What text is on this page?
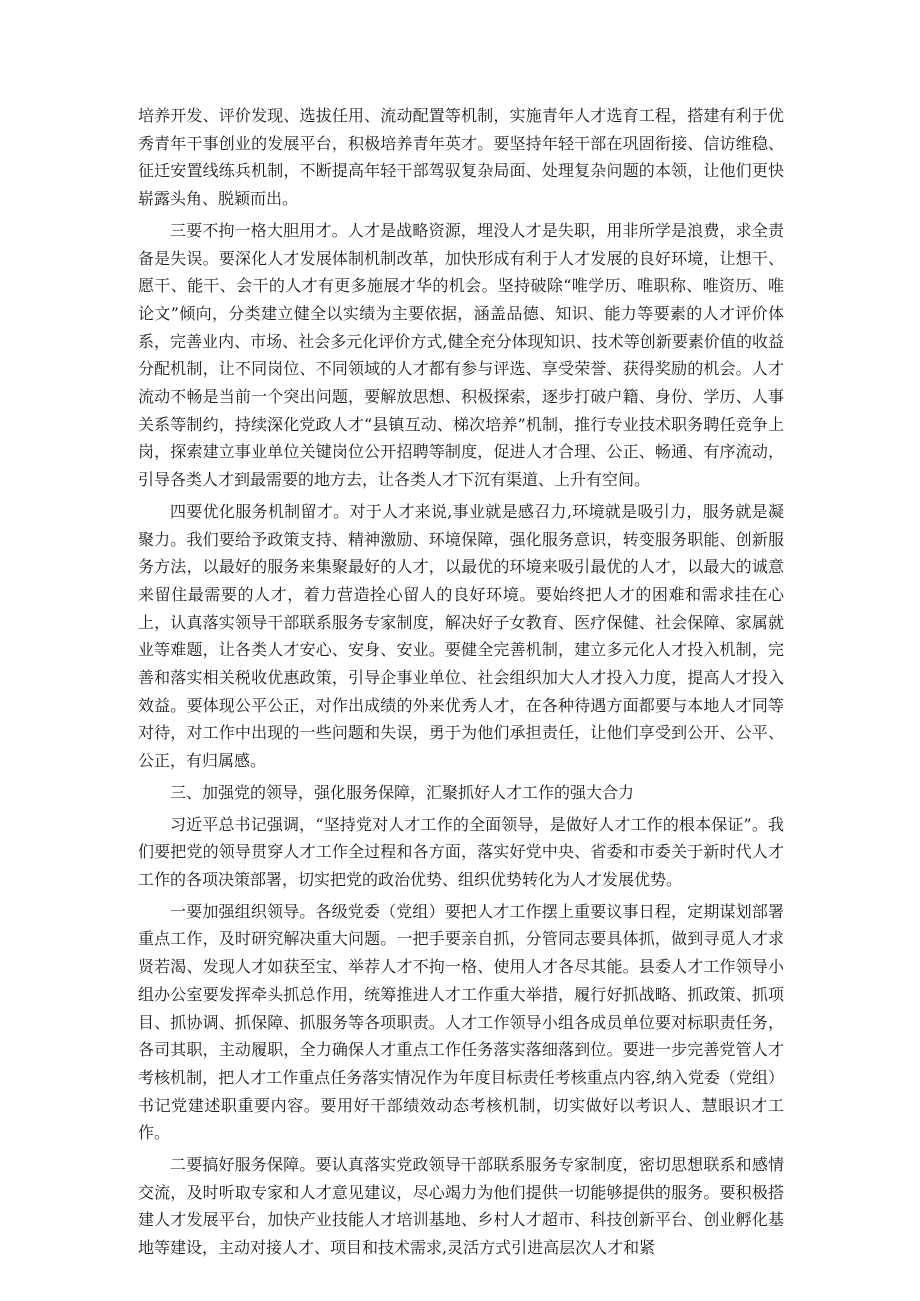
培养开发、评价发现、选拔任用、流动配置等机制，实施青年人才选育工程，搭建有利于优秀青年干事创业的发展平台，积极培养青年英才。要坚持年轻干部在巩固衔接、信访维稳、征迁安置线练兵机制，不断提高年轻干部驾驭复杂局面、处理复杂问题的本领，让他们更快崭露头角、脱颖而出。

三要不拘一格大胆用才。人才是战略资源，埋没人才是失职，用非所学是浪费，求全责备是失误。要深化人才发展体制机制改革，加快形成有利于人才发展的良好环境，让想干、愿干、能干、会干的人才有更多施展才华的机会。坚持破除“唯学历、唯职称、唯资历、唯论文”倾向，分类建立健全以实绩为主要依据，涵盖品德、知识、能力等要素的人才评价体系，完善业内、市场、社会多元化评价方式,健全充分体现知识、技术等创新要素价值的收益分配机制，让不同岗位、不同领域的人才都有参与评选、享受荣誉、获得奖励的机会。人才流动不畅是当前一个突出问题，要解放思想、积极探索，逐步打破户籍、身份、学历、人事关系等制约，持续深化党政人才“县镇互动、梯次培养”机制，推行专业技术职务聘任竞争上岗，探索建立事业单位关键岗位公开招聘等制度，促进人才合理、公正、畅通、有序流动，引导各类人才到最需要的地方去，让各类人才下沉有渠道、上升有空间。

四要优化服务机制留才。对于人才来说,事业就是感召力,环境就是吸引力，服务就是凝聚力。我们要给予政策支持、精神激励、环境保障，强化服务意识，转变服务职能、创新服务方法，以最好的服务来集聚最好的人才，以最优的环境来吸引最优的人才，以最大的诚意来留住最需要的人才，着力营造拴心留人的良好环境。要始终把人才的困难和需求挂在心上，认真落实领导干部联系服务专家制度，解决好子女教育、医疗保健、社会保障、家属就业等难题，让各类人才安心、安身、安业。要健全完善机制，建立多元化人才投入机制，完善和落实相关税收优惠政策，引导企事业单位、社会组织加大人才投入力度，提高人才投入效益。要体现公平公正，对作出成绩的外来优秀人才，在各种待遇方面都要与本地人才同等对待，对工作中出现的一些问题和失误，勇于为他们承担责任，让他们享受到公开、公平、公正，有归属感。

三、加强党的领导，强化服务保障，汇聚抓好人才工作的强大合力

习近平总书记强调，“坚持党对人才工作的全面领导，是做好人才工作的根本保证”。我们要把党的领导贯穿人才工作全过程和各方面，落实好党中央、省委和市委关于新时代人才工作的各项决策部署，切实把党的政治优势、组织优势转化为人才发展优势。

一要加强组织领导。各级党委（党组）要把人才工作摆上重要议事日程，定期谋划部署重点工作，及时研究解决重大问题。一把手要亲自抓，分管同志要具体抓，做到寻觅人才求贤若渴、发现人才如获至宝、举荐人才不拘一格、使用人才各尽其能。县委人才工作领导小组办公室要发挥牵头抓总作用，统筹推进人才工作重大举措，履行好抓战略、抓政策、抓项目、抓协调、抓保障、抓服务等各项职责。人才工作领导小组各成员单位要对标职责任务，各司其职，主动履职，全力确保人才重点工作任务落实落细落到位。要进一步完善党管人才考核机制，把人才工作重点任务落实情况作为年度目标责任考核重点内容,纳入党委（党组）书记党建述职重要内容。要用好干部绩效动态考核机制，切实做好以考识人、慧眼识才工作。

二要搞好服务保障。要认真落实党政领导干部联系服务专家制度，密切思想联系和感情交流，及时听取专家和人才意见建议，尽心竭力为他们提供一切能够提供的服务。要积极搭建人才发展平台，加快产业技能人才培训基地、乡村人才超市、科技创新平台、创业孵化基地等建设，主动对接人才、项目和技术需求,灵活方式引进高层次人才和紧
